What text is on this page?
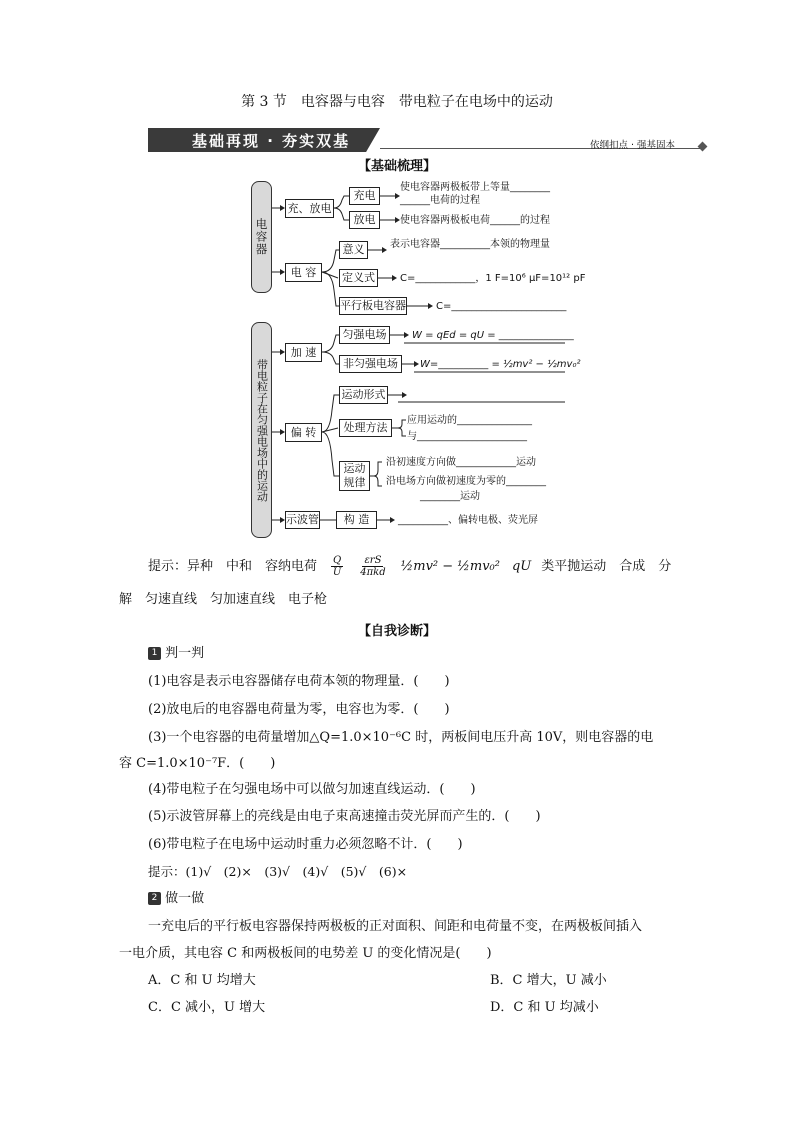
第 3 节　电容器与电容　带电粒子在电场中的运动
基础再现 · 夯实双基	依纲扣点 · 强基固本
【基础梳理】
电容器
带电粒子在匀强电场中的运动
充、放电
充电
放电
使电容器两极板带上等量________
______电荷的过程
使电容器两极板电荷______的过程
电 容
意义
定义式
平行板电容器
表示电容器__________本领的物理量
C=____________，1 F=10⁶ μF=10¹² pF
C=_______________________
加 速
匀强电场
非匀强电场
W = qEd = qU = _______________
W=__________ = ½mv² − ½mv₀²
偏 转
运动形式
处理方法
运动规律
应用运动的_______________
与______________________
沿初速度方向做____________运动
沿电场方向做初速度为零的________
________运动
示波管	构 造	__________、偏转电极、荧光屏
提示： 异种　中和　容纳电荷 $\frac{Q}{U} \frac{\text{εrS}}{\text{4πkd}}$ ½mv² − ½mv₀² qU 类平抛运动　合成　分
解　匀速直线　匀加速直线　电子枪
【自我诊断】
1 判一判
(1)电容是表示电容器储存电荷本领的物理量．(　　)
(2)放电后的电容器电荷量为零，电容也为零．(　　)
(3)一个电容器的电荷量增加△Q=1.0×10⁻⁶C 时，两板间电压升高 10V，则电容器的电
容 C=1.0×10⁻⁷F．(　　)
(4)带电粒子在匀强电场中可以做匀加速直线运动．(　　)
(5)示波管屏幕上的亮线是由电子束高速撞击荧光屏而产生的．(　　)
(6)带电粒子在电场中运动时重力必须忽略不计．(　　)
提示：(1)√　(2)×　(3)√　(4)√　(5)√　(6)×
2 做一做
一充电后的平行板电容器保持两极板的正对面积、间距和电荷量不变，在两极板间插入
一电介质，其电容 C 和两极板间的电势差 U 的变化情况是(　　)
A．C 和 U 均增大	B．C 增大，U 减小
C．C 减小，U 增大	D．C 和 U 均减小
